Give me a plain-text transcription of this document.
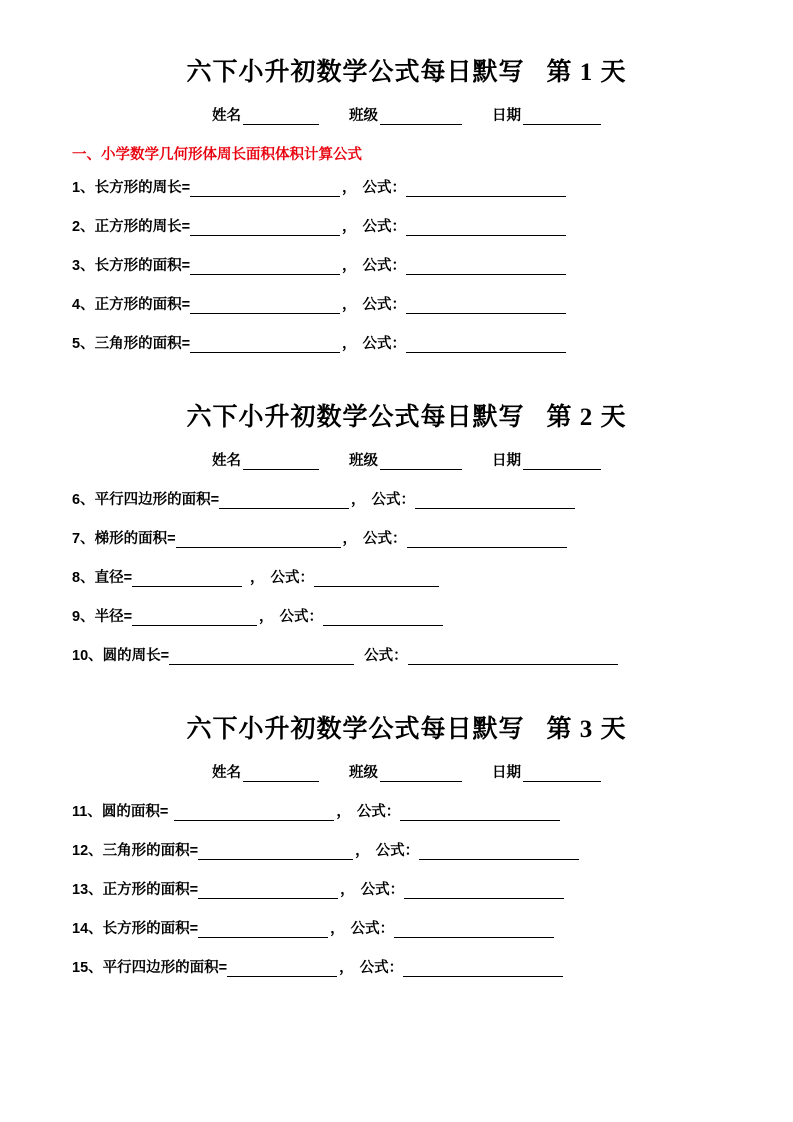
六下小升初数学公式每日默写 第 1 天
姓名	班级	日期
一、小学数学几何形体周长面积体积计算公式
1、 长方形的周长=	， 公式：
2、 正方形的周长=	， 公式：
3、 长方形的面积=	， 公式：
4、 正方形的面积=	， 公式：
5、 三角形的面积=	， 公式：
六下小升初数学公式每日默写 第 2 天
姓名	班级	日期
6、 平行四边形的面积=	， 公式：
7、 梯形的面积=	， 公式：
8、 直径=	， 公式：
9、 半径=	， 公式：
10、 圆的周长=	公式：
六下小升初数学公式每日默写 第 3 天
姓名	班级	日期
11、 圆的面积=	， 公式：
12、 三角形的面积=	， 公式：
13、 正方形的面积=	， 公式：
14、 长方形的面积=	， 公式：
15、 平行四边形的面积=	， 公式：
